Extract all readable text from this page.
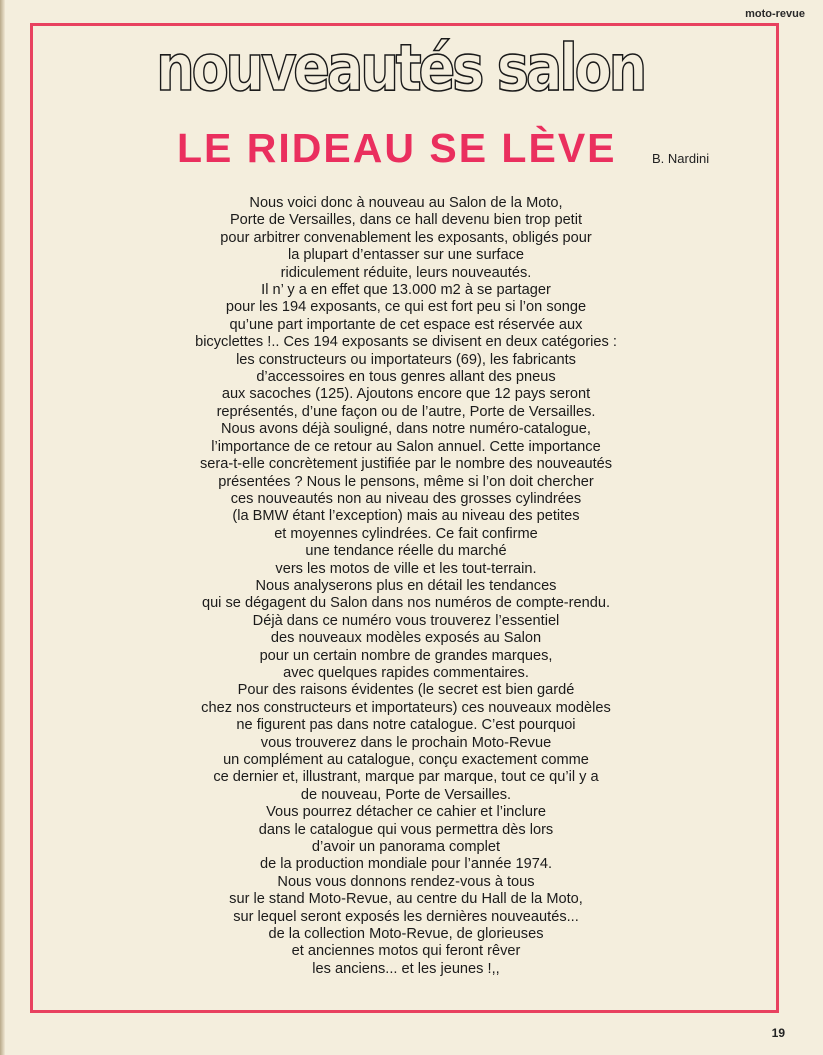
moto-revue
nouveautés salon
LE RIDEAU SE LÈVE	B. Nardini
Nous voici donc à nouveau au Salon de la Moto,
Porte de Versailles, dans ce hall devenu bien trop petit
pour arbitrer convenablement les exposants, obligés pour
la plupart d’entasser sur une surface
ridiculement réduite, leurs nouveautés.
Il n’ y a en effet que 13.000 m2 à se partager
pour les 194 exposants, ce qui est fort peu si l’on songe
qu’une part importante de cet espace est réservée aux
bicyclettes !.. Ces 194 exposants se divisent en deux catégories :
les constructeurs ou importateurs (69), les fabricants
d’accessoires en tous genres allant des pneus
aux sacoches (125). Ajoutons encore que 12 pays seront
représentés, d’une façon ou de l’autre, Porte de Versailles.
Nous avons déjà souligné, dans notre numéro-catalogue,
l’importance de ce retour au Salon annuel. Cette importance
sera-t-elle concrètement justifiée par le nombre des nouveautés
présentées ? Nous le pensons, même si l’on doit chercher
ces nouveautés non au niveau des grosses cylindrées
(la BMW étant l’exception) mais au niveau des petites
et moyennes cylindrées. Ce fait confirme
une tendance réelle du marché
vers les motos de ville et les tout-terrain.
Nous analyserons plus en détail les tendances
qui se dégagent du Salon dans nos numéros de compte-rendu.
Déjà dans ce numéro vous trouverez l’essentiel
des nouveaux modèles exposés au Salon
pour un certain nombre de grandes marques,
avec quelques rapides commentaires.
Pour des raisons évidentes (le secret est bien gardé
chez nos constructeurs et importateurs) ces nouveaux modèles
ne figurent pas dans notre catalogue. C’est pourquoi
vous trouverez dans le prochain Moto-Revue
un complément au catalogue, conçu exactement comme
ce dernier et, illustrant, marque par marque, tout ce qu’il y a
de nouveau, Porte de Versailles.
Vous pourrez détacher ce cahier et l’inclure
dans le catalogue qui vous permettra dès lors
d’avoir un panorama complet
de la production mondiale pour l’année 1974.
Nous vous donnons rendez-vous à tous
sur le stand Moto-Revue, au centre du Hall de la Moto,
sur lequel seront exposés les dernières nouveautés...
de la collection Moto-Revue, de glorieuses
et anciennes motos qui feront rêver
les anciens... et les jeunes !,,
19
